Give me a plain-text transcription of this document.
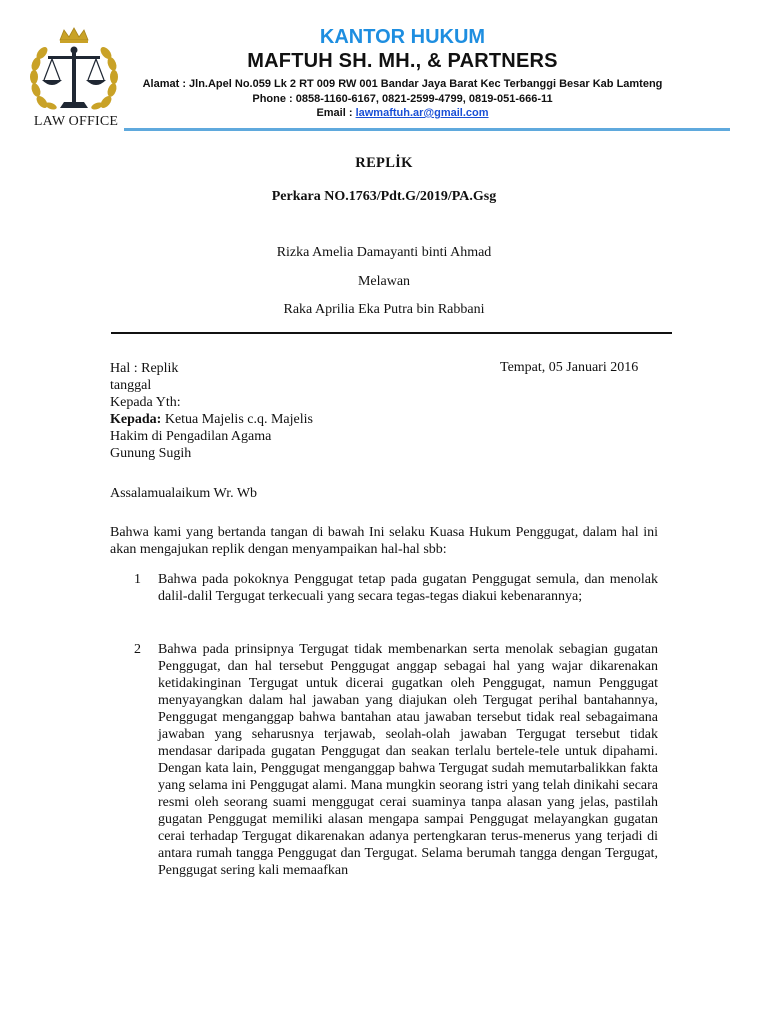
LAW OFFICE
KANTOR HUKUM
MAFTUH SH. MH., & PARTNERS
Alamat : Jln.Apel No.059 Lk 2 RT 009 RW 001 Bandar Jaya Barat Kec Terbanggi Besar Kab Lamteng
Phone : 0858-1160-6167, 0821-2599-4799, 0819-051-666-11
Email : lawmaftuh.ar@gmail.com
REPLİK
Perkara NO.1763/Pdt.G/2019/PA.Gsg
Rizka Amelia Damayanti binti Ahmad
Melawan
Raka Aprilia Eka Putra bin Rabbani
Hal : Replik
tanggal
Kepada Yth:
Kepada: Ketua Majelis c.q. Majelis
Hakim di Pengadilan Agama
Gunung Sugih
Tempat, 05 Januari 2016
Assalamualaikum Wr. Wb
Bahwa kami yang bertanda tangan di bawah Ini selaku Kuasa Hukum Penggugat, dalam hal ini akan mengajukan replik dengan menyampaikan hal-hal sbb:
1 Bahwa pada pokoknya Penggugat tetap pada gugatan Penggugat semula, dan menolak dalil-dalil Tergugat terkecuali yang secara tegas-tegas diakui kebenarannya;
2 Bahwa pada prinsipnya Tergugat tidak membenarkan serta menolak sebagian gugatan Penggugat, dan hal tersebut Penggugat anggap sebagai hal yang wajar dikarenakan ketidakinginan Tergugat untuk dicerai gugatkan oleh Penggugat, namun Penggugat menyayangkan dalam hal jawaban yang diajukan oleh Tergugat perihal bantahannya, Penggugat menganggap bahwa bantahan atau jawaban tersebut tidak real sebagaimana jawaban yang seharusnya terjawab, seolah-olah jawaban Tergugat tersebut tidak mendasar daripada gugatan Penggugat dan seakan terlalu bertele-tele untuk dipahami. Dengan kata lain, Penggugat menganggap bahwa Tergugat sudah memutarbalikkan fakta yang selama ini Penggugat alami. Mana mungkin seorang istri yang telah dinikahi secara resmi oleh seorang suami menggugat cerai suaminya tanpa alasan yang jelas, pastilah gugatan Penggugat memiliki alasan mengapa sampai Penggugat melayangkan gugatan cerai terhadap Tergugat dikarenakan adanya pertengkaran terus-menerus yang terjadi di antara rumah tangga Penggugat dan Tergugat. Selama berumah tangga dengan Tergugat, Penggugat sering kali memaafkan
